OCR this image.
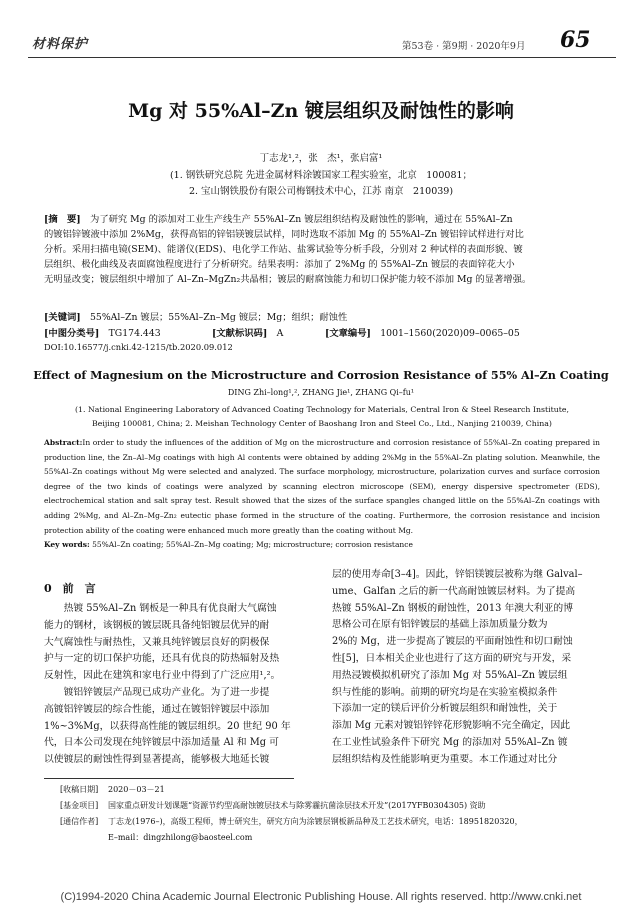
材料保护	第53卷 · 第9期 · 2020年9月 65
Mg 对 55%Al–Zn 镀层组织及耐蚀性的影响
丁志龙¹,²，张　杰¹，张启富¹
(1. 钢铁研究总院 先进金属材料涂镀国家工程实验室，北京　100081；
2. 宝山钢铁股份有限公司梅钢技术中心，江苏 南京　210039)
[摘　要]　 为了研究 Mg 的添加对工业生产线生产 55%Al–Zn 镀层组织结构及耐蚀性的影响，通过在 55%Al–Zn
的镀铝锌镀液中添加 2%Mg，获得高铝的锌铝镁镀层试样，同时选取不添加 Mg 的 55%Al–Zn 镀铝锌试样进行对比
分析。采用扫描电镜(SEM)、能谱仪(EDS)、电化学工作站、盐雾试验等分析手段，分别对 2 种试样的表面形貌、镀
层组织、极化曲线及表面腐蚀程度进行了分析研究。结果表明：添加了 2%Mg 的 55%Al–Zn 镀层的表面锌花大小
无明显改变；镀层组织中增加了 Al–Zn–MgZn₂共晶相；镀层的耐腐蚀能力和切口保护能力较不添加 Mg 的显著增强。
[关键词]　 55%Al–Zn 镀层；55%Al–Zn–Mg 镀层；Mg；组织；耐蚀性
[中图分类号]　 TG174.443	[文献标识码]　 A	[文章编号]　 1001–1560(2020)09–0065–05
DOI:10.16577/j.cnki.42-1215/tb.2020.09.012
Effect of Magnesium on the Microstructure and Corrosion Resistance of 55% Al–Zn Coating
DING Zhi–long¹,², ZHANG Jie¹, ZHANG Qi–fu¹
(1. National Engineering Laboratory of Advanced Coating Technology for Materials, Central Iron & Steel Research Institute,
Beijing 100081, China; 2. Meishan Technology Center of Baoshang Iron and Steel Co., Ltd., Nanjing 210039, China)
Abstract:In order to study the influences of the addition of Mg on the microstructure and corrosion resistance of 55%Al–Zn coating prepared in production line, the Zn–Al–Mg coatings with high Al contents were obtained by adding 2%Mg in the 55%Al–Zn plating solution. Meanwhile, the 55%Al–Zn coatings without Mg were selected and analyzed. The surface morphology, microstructure, polarization curves and surface corrosion degree of the two kinds of coatings were analyzed by scanning electron microscope (SEM), energy dispersive spectrometer (EDS), electrochemical station and salt spray test. Result showed that the sizes of the surface spangles changed little on the 55%Al–Zn coatings with adding 2%Mg, and Al–Zn–Mg–Zn₂ eutectic phase formed in the structure of the coating. Furthermore, the corrosion resistance and incision protection ability of the coating were enhanced much more greatly than the coating without Mg.
Key words: 55%Al–Zn coating; 55%Al–Zn–Mg coating; Mg; microstructure; corrosion resistance
0　前　言
热镀 55%Al–Zn 钢板是一种具有优良耐大气腐蚀
能力的钢材，该钢板的镀层既具备纯铝镀层优异的耐
大气腐蚀性与耐热性，又兼具纯锌镀层良好的阴极保
护与一定的切口保护功能，还具有优良的防热辐射及热
反射性，因此在建筑和家电行业中得到了广泛应用¹,²。
镀铝锌镀层产品现已成功产业化。为了进一步提
高镀铝锌镀层的综合性能，通过在镀铝锌镀层中添加
1%~3%Mg，以获得高性能的镀层组织。20 世纪 90 年
代，日本公司发现在纯锌镀层中添加适量 Al 和 Mg 可
以使镀层的耐蚀性得到显著提高，能够极大地延长镀
层的使用寿命[3–4]。因此，锌铝镁镀层被称为继 Galval–
ume、Galfan 之后的新一代高耐蚀镀层材料。为了提高
热镀 55%Al–Zn 钢板的耐蚀性，2013 年澳大利亚的博
思格公司在原有铝锌镀层的基础上添加质量分数为
2%的 Mg，进一步提高了镀层的平面耐蚀性和切口耐蚀
性[5]，日本相关企业也进行了这方面的研究与开发，采
用热浸镀模拟机研究了添加 Mg 对 55%Al–Zn 镀层组
织与性能的影响。前期的研究均是在实验室模拟条件
下添加一定的镁后评价分析镀层组织和耐蚀性，关于
添加 Mg 元素对镀铝锌锌花形貌影响不完全确定，因此
在工业性试验条件下研究 Mg 的添加对 55%Al–Zn 镀
层组织结构及性能影响更为重要。本工作通过对比分
[收稿日期] 2020－03－21
[基金项目] 国家重点研发计划课题“资源节约型高耐蚀镀层技术与除雾霾抗菌涂层技术开发”(2017YFB0304305) 资助
[通信作者] 丁志龙(1976–)，高级工程师，博士研究生，研究方向为涂镀层钢板新品种及工艺技术研究，电话：18951820320，
E–mail：dingzhilong@baosteel.com
(C)1994-2020 China Academic Journal Electronic Publishing House. All rights reserved. http://www.cnki.net
